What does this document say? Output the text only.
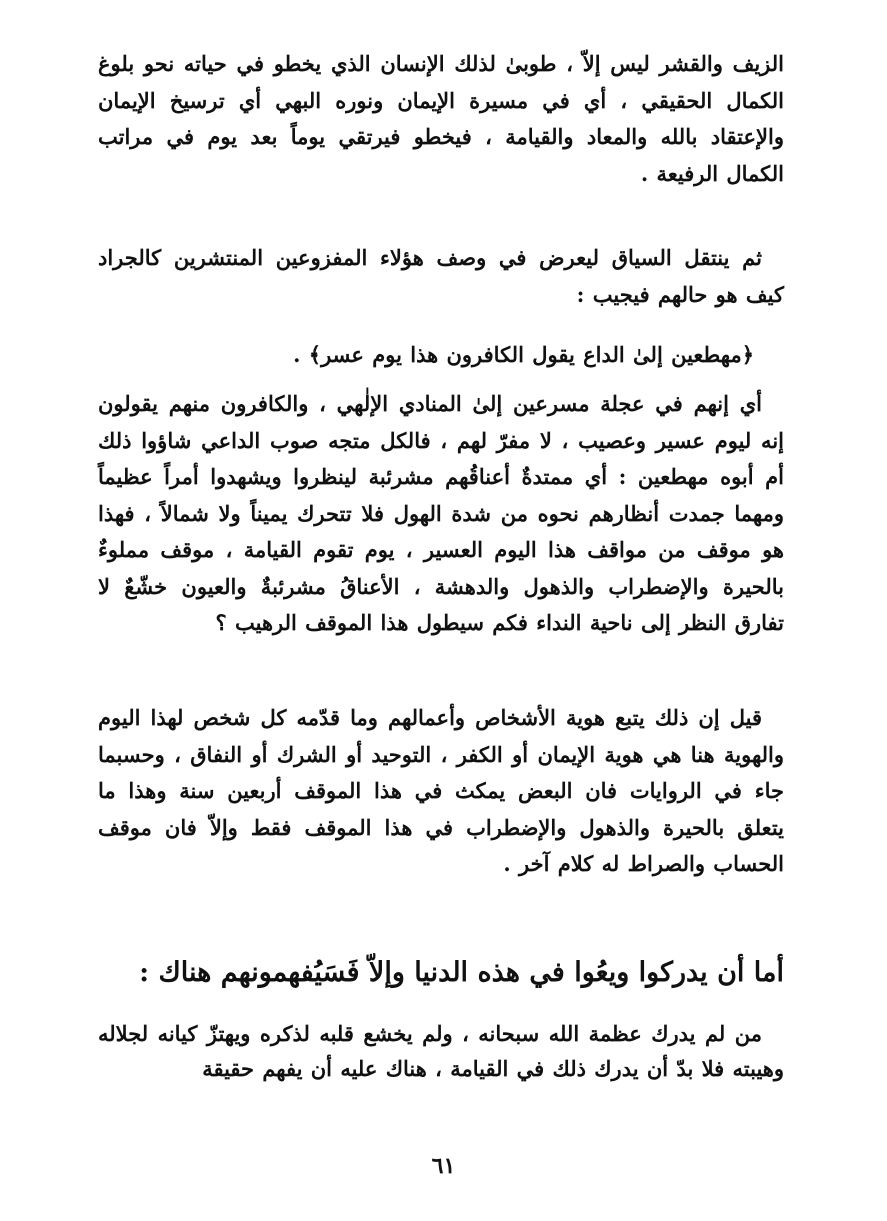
الزيف والقشر ليس إلاّ ، طوبىٰ لذلك الإنسان الذي يخطو في حياته نحو بلوغ الكمال الحقيقي ، أي في مسيرة الإيمان ونوره البهي أي ترسيخ الإيمان والإعتقاد بالله والمعاد والقيامة ، فيخطو فيرتقي يوماً بعد يوم في مراتب الكمال الرفيعة .

ثم ينتقل السياق ليعرض في وصف هؤلاء المفزوعين المنتشرين كالجراد كيف هو حالهم فيجيب :

﴿مهطعين إلىٰ الداع يقول الكافرون هذا يوم عسر﴾ .

أي إنهم في عجلة مسرعين إلىٰ المنادي الإلٰهي ، والكافرون منهم يقولون إنه ليوم عسير وعصيب ، لا مفرّ لهم ، فالكل متجه صوب الداعي شاؤوا ذلك أم أبوه مهطعين : أي ممتدةٌ أعناقُهم مشرئبة لينظروا ويشهدوا أمراً عظيماً ومهما جمدت أنظارهم نحوه من شدة الهول فلا تتحرك يميناً ولا شمالاً ، فهذا هو موقف من مواقف هذا اليوم العسير ، يوم تقوم القيامة ، موقف مملوءٌ بالحيرة والإضطراب والذهول والدهشة ، الأعناقُ مشرئبةٌ والعيون خشّعٌ لا تفارق النظر إلى ناحية النداء فكم سيطول هذا الموقف الرهيب ؟

قيل إن ذلك يتبع هوية الأشخاص وأعمالهم وما قدّمه كل شخص لهذا اليوم والهوية هنا هي هوية الإيمان أو الكفر ، التوحيد أو الشرك أو النفاق ، وحسبما جاء في الروايات فان البعض يمكث في هذا الموقف أربعين سنة وهذا ما يتعلق بالحيرة والذهول والإضطراب في هذا الموقف فقط وإلاّ فان موقف الحساب والصراط له كلام آخر .

أما أن يدركوا ويعُوا في هذه الدنيا وإلاّ فَسَيُفهمونهم هناك :

من لم يدرك عظمة الله سبحانه ، ولم يخشع قلبه لذكره ويهتزّ كيانه لجلاله وهيبته فلا بدّ أن يدرك ذلك في القيامة ، هناك عليه أن يفهم حقيقة

٦١
